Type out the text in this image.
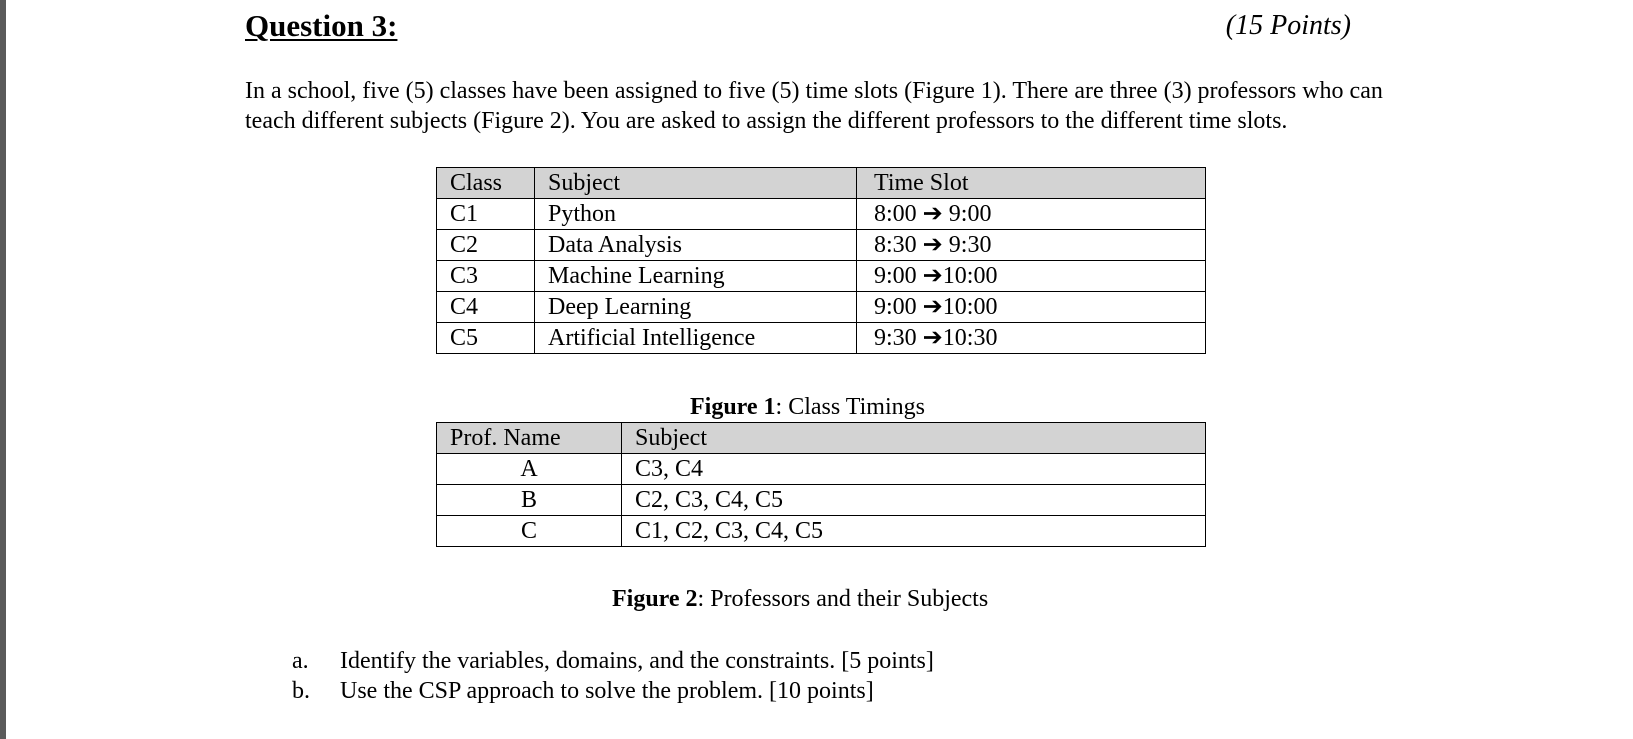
Question 3:	(15 Points)

In a school, five (5) classes have been assigned to five (5) time slots (Figure 1). There are three (3) professors who can teach different subjects (Figure 2). You are asked to assign the different professors to the different time slots.

Class	Subject	Time Slot
C1	Python	8:00 ➔ 9:00
C2	Data Analysis	8:30 ➔ 9:30
C3	Machine Learning	9:00 ➔10:00
C4	Deep Learning	9:00 ➔10:00
C5	Artificial Intelligence	9:30 ➔10:30
Figure 1: Class Timings
Prof. Name	Subject
A	C3, C4
B	C2, C3, C4, C5
C	C1, C2, C3, C4, C5
Figure 2: Professors and their Subjects
a.	Identify the variables, domains, and the constraints. [5 points]
b.	Use the CSP approach to solve the problem. [10 points]
